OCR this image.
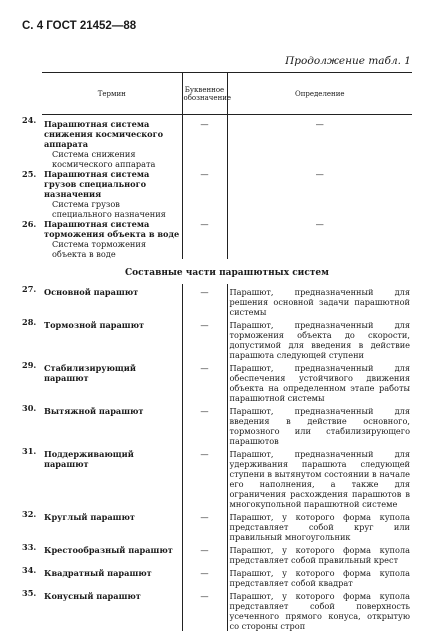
С. 4 ГОСТ 21452—88
Продолжение табл. 1
Термин	Буквенное обозначение	Определение

24. Парашютная система снижения космического аппарата
Система снижения космического аппарата	—	—

25. Парашютная система грузов специального назначения
Система грузов специального назначения	—	—

26. Парашютная система торможения объекта в воде
Система торможения объекта в воде	—	—
Составные части парашютных систем		

27. Основной парашют	—	Парашют, предназначенный для решения основной задачи парашютной системы

28. Тормозной парашют	—	Парашют, предназначенный для торможения объекта до скорости, допустимой для введения в действие парашюта следующей ступени

29. Стабилизирующий парашют	—	Парашют, предназначенный для обеспечения устойчивого движения объекта на определенном этапе работы парашютной системы

30. Вытяжной парашют	—	Парашют, предназначенный для введения в действие основного, тормозного или стабилизирующего парашютов

31. Поддерживающий парашют	—	Парашют, предназначенный для удерживания парашюта следующей ступени в вытянутом состоянии в начале его наполнения, а также для ограничения расхождения парашютов в многокупольной парашютной системе

32. Круглый парашют	—	Парашют, у которого форма купола представляет собой круг или правильный многоугольник

33. Крестообразный парашют	—	Парашют, у которого форма купола представляет собой правильный крест

34. Квадратный парашют	—	Парашют, у которого форма купола представляет собой квадрат

35. Конусный парашют	—	Парашют, у которого форма купола представляет собой поверхность усеченного прямого конуса, открытую со стороны строп
